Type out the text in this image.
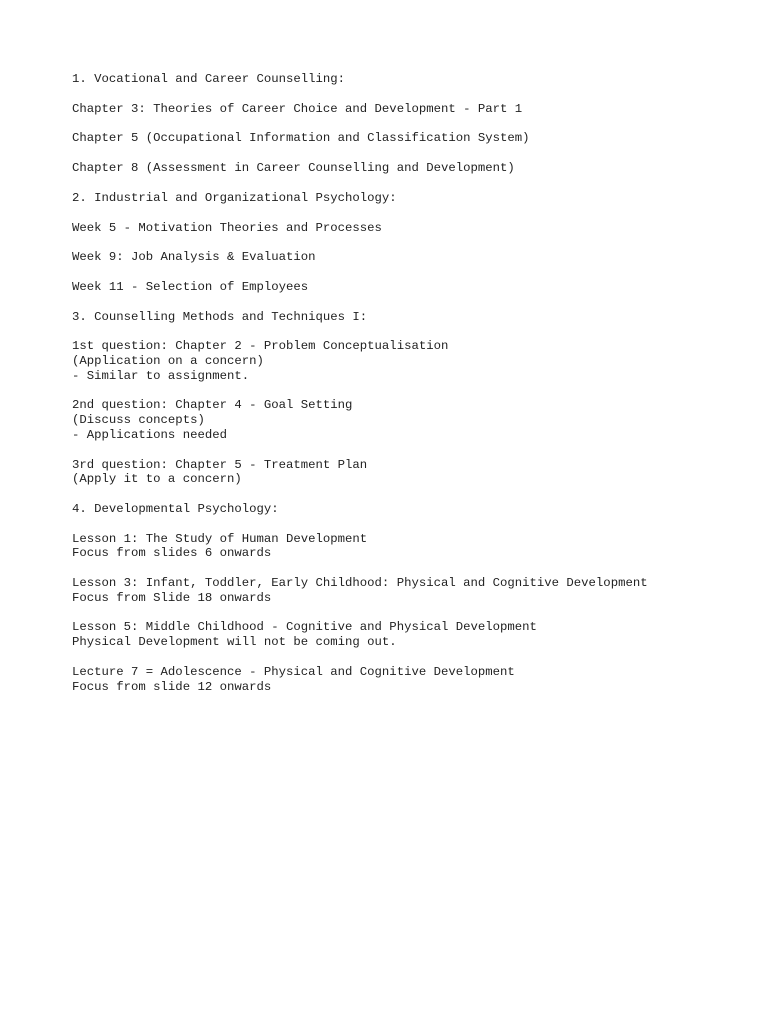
1. Vocational and Career Counselling:
Chapter 3: Theories of Career Choice and Development - Part 1
Chapter 5 (Occupational Information and Classification System)
Chapter 8 (Assessment in Career Counselling and Development)
2. Industrial and Organizational Psychology:
Week 5 - Motivation Theories and Processes
Week 9: Job Analysis & Evaluation
Week 11 - Selection of Employees
3. Counselling Methods and Techniques I:
1st question: Chapter 2 - Problem Conceptualisation
(Application on a concern)
- Similar to assignment.
2nd question: Chapter 4 - Goal Setting
(Discuss concepts)
- Applications needed
3rd question: Chapter 5 - Treatment Plan
(Apply it to a concern)
4. Developmental Psychology:
Lesson 1: The Study of Human Development
Focus from slides 6 onwards
Lesson 3: Infant, Toddler, Early Childhood: Physical and Cognitive Development
Focus from Slide 18 onwards
Lesson 5: Middle Childhood - Cognitive and Physical Development
Physical Development will not be coming out.
Lecture 7 = Adolescence - Physical and Cognitive Development
Focus from slide 12 onwards
